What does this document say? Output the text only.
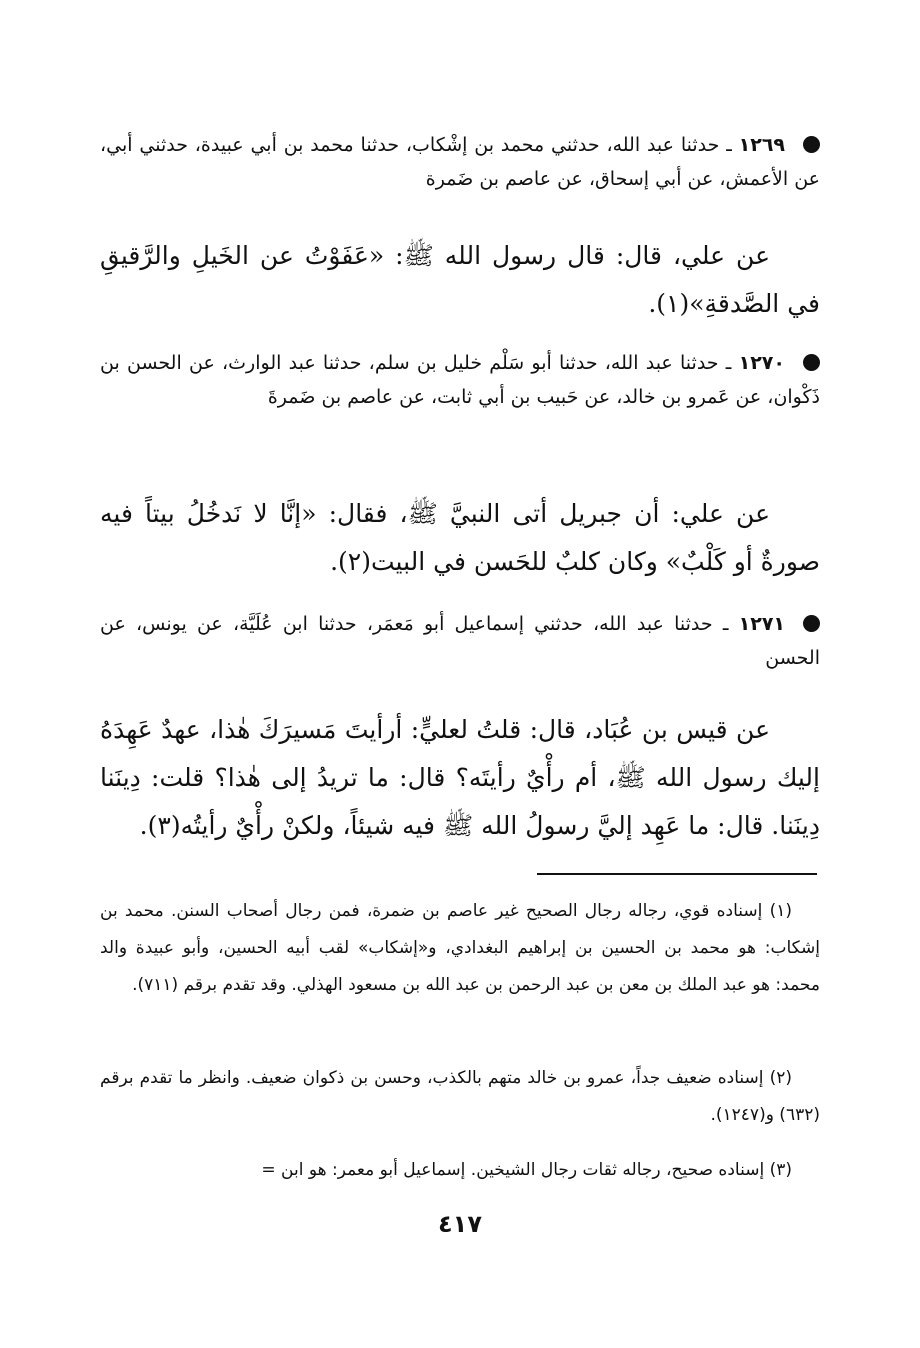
١٢٦٩ ـ حدثنا عبد الله، حدثني محمد بن إشْكاب، حدثنا محمد بن أبي عبيدة، حدثني أبي، عن الأعمش، عن أبي إسحاق، عن عاصم بن ضَمرة
عن علي، قال: قال رسول الله ﷺ: «عَفَوْتُ عن الخَيلِ والرَّقيقِ في الصَّدقةِ»(١).
١٢٧٠ ـ حدثنا عبد الله، حدثنا أبو سَلْم خليل بن سلم، حدثنا عبد الوارث، عن الحسن بن ذَكْوان، عن عَمرو بن خالد، عن حَبيب بن أبي ثابت، عن عاصم بن ضَمرةَ
عن علي: أن جبريل أتى النبيَّ ﷺ، فقال: «إنَّا لا نَدخُلُ بيتاً فيه صورةٌ أو كَلْبٌ» وكان كلبٌ للحَسن في البيت(٢).
١٢٧١ ـ حدثنا عبد الله، حدثني إسماعيل أبو مَعمَر، حدثنا ابن عُلَيَّة، عن يونس، عن الحسن
عن قيس بن عُبَاد، قال: قلتُ لعليٍّ: أرأيتَ مَسيرَكَ هٰذا، عهدٌ عَهِدَهُ إليك رسول الله ﷺ، أم رأْيٌ رأيتَه؟ قال: ما تريدُ إلى هٰذا؟ قلت: دِينَنا دِينَنا. قال: ما عَهِد إليَّ رسولُ الله ﷺ فيه شيئاً، ولكنْ رأْيٌ رأيتُه(٣).
(١) إسناده قوي، رجاله رجال الصحيح غير عاصم بن ضمرة، فمن رجال أصحاب السنن. محمد بن إشكاب: هو محمد بن الحسين بن إبراهيم البغدادي، و«إشكاب» لقب أبيه الحسين، وأبو عبيدة والد محمد: هو عبد الملك بن معن بن عبد الرحمن بن عبد الله بن مسعود الهذلي. وقد تقدم برقم (٧١١).
(٢) إسناده ضعيف جداً، عمرو بن خالد متهم بالكذب، وحسن بن ذكوان ضعيف. وانظر ما تقدم برقم (٦٣٢) و(١٢٤٧).
(٣) إسناده صحيح، رجاله ثقات رجال الشيخين. إسماعيل أبو معمر: هو ابن =
٤١٧
